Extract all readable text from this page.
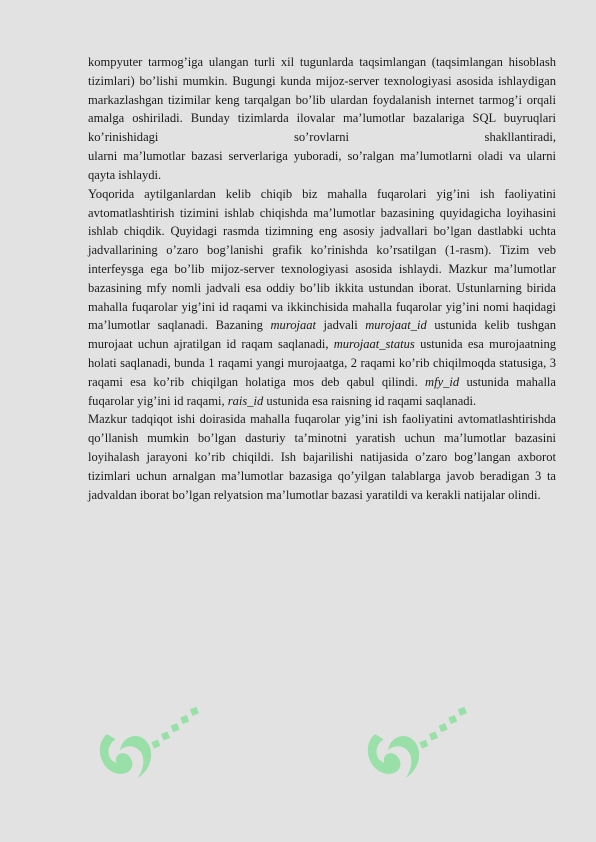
kompyuter tarmog’iga ulangan turli xil tugunlarda taqsimlangan (taqsimlangan hisoblash tizimlari) bo’lishi mumkin. Bugungi kunda mijoz-server texnologiyasi asosida ishlaydigan markazlashgan tizimilar keng tarqalgan bo’lib ulardan foydalanish internet tarmog’i orqali amalga oshiriladi. Bunday tizimlarda ilovalar ma’lumotlar bazalariga SQL buyruqlari ko’rinishidagi so’rovlarni shakllantiradi,

ularni ma’lumotlar bazasi serverlariga yuboradi, so’ralgan ma’lumotlarni oladi va ularni qayta ishlaydi.

Yoqorida aytilganlardan kelib chiqib biz mahalla fuqarolari yig’ini ish faoliyatini avtomatlashtirish tizimini ishlab chiqishda ma’lumotlar bazasining quyidagicha loyihasini ishlab chiqdik. Quyidagi rasmda tizimning eng asosiy jadvallari bo’lgan dastlabki uchta jadvallarining o’zaro bog’lanishi grafik ko’rinishda ko’rsatilgan (1-rasm). Tizim veb interfeysga ega bo’lib mijoz-server texnologiyasi asosida ishlaydi. Mazkur ma’lumotlar bazasining mfy nomli jadvali esa oddiy bo’lib ikkita ustundan iborat. Ustunlarning birida mahalla fuqarolar yig’ini id raqami va ikkinchisida mahalla fuqarolar yig’ini nomi haqidagi ma’lumotlar saqlanadi. Bazaning murojaat jadvali murojaat_id ustunida kelib tushgan murojaat uchun ajratilgan id raqam saqlanadi, murojaat_status ustunida esa murojaatning holati saqlanadi, bunda 1 raqami yangi murojaatga, 2 raqami ko’rib chiqilmoqda statusiga, 3 raqami esa ko’rib chiqilgan holatiga mos deb qabul qilindi. mfy_id ustunida mahalla fuqarolar yig’ini id raqami, rais_id ustunida esa raisning id raqami saqlanadi.

Mazkur tadqiqot ishi doirasida mahalla fuqarolar yig’ini ish faoliyatini avtomatlashtirishda qo’llanish mumkin bo’lgan dasturiy ta’minotni yaratish uchun ma’lumotlar bazasini loyihalash jarayoni ko’rib chiqildi. Ish bajarilishi natijasida o’zaro bog’langan axborot tizimlari uchun arnalgan ma’lumotlar bazasiga qo’yilgan talablarga javob beradigan 3 ta jadvaldan iborat bo’lgan relyatsion ma’lumotlar bazasi yaratildi va kerakli natijalar olindi.
